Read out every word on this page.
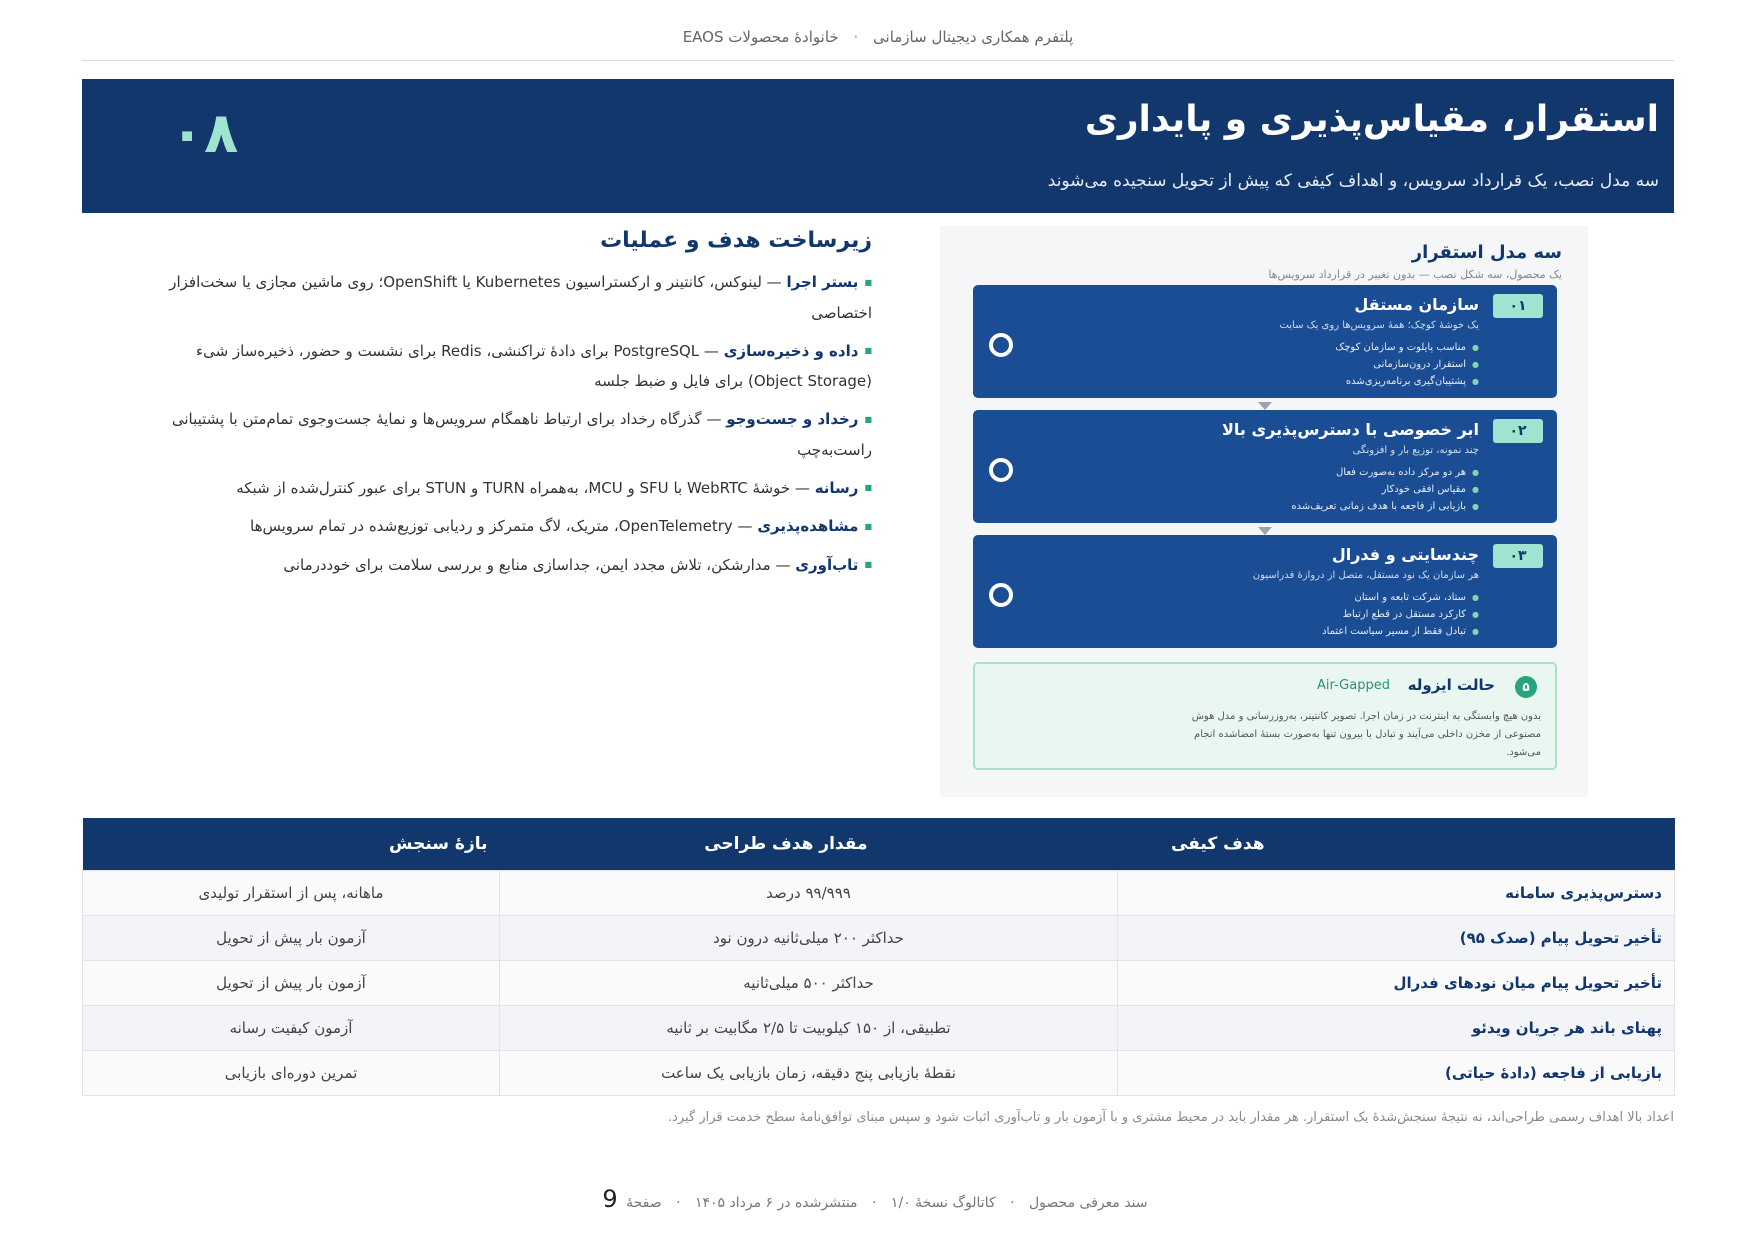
پلتفرم همکاری دیجیتال سازمانی · خانوادهٔ محصولات EAOS
استقرار، مقیاس‌پذیری و پایداری
سه مدل نصب، یک قرارداد سرویس، و اهداف کیفی که پیش از تحویل سنجیده می‌شوند
۰۸
سه مدل استقرار
یک محصول، سه شکل نصب — بدون تغییر در قرارداد سرویس‌ها
۰۱
سازمان مستقل
یک خوشهٔ کوچک؛ همهٔ سرویس‌ها روی یک سایت
● مناسب پایلوت و سازمان کوچک
● استقرار درون‌سازمانی
● پشتیبان‌گیری برنامه‌ریزی‌شده
۰۲
ابر خصوصی با دسترس‌پذیری بالا
چند نمونه، توزیع بار و افزونگی
● هر دو مرکز داده به‌صورت فعال
● مقیاس افقی خودکار
● بازیابی از فاجعه با هدف زمانی تعریف‌شده
۰۳
چندسایتی و فدرال
هر سازمان یک نود مستقل، متصل از دروازهٔ فدراسیون
● ستاد، شرکت تابعه و استان
● کارکرد مستقل در قطع ارتباط
● تبادل فقط از مسیر سیاست اعتماد
۵
حالت ایزوله
Air-Gapped
بدون هیچ وابستگی به اینترنت در زمان اجرا. تصویر کانتینر، به‌روزرسانی و مدل هوش مصنوعی از مخزن داخلی می‌آیند و تبادل با بیرون تنها به‌صورت بستهٔ امضاشده انجام می‌شود.
زیرساخت هدف و عملیات
■ بستر اجرا — لینوکس، کانتینر و ارکستراسیون Kubernetes یا OpenShift؛ روی ماشین مجازی یا سخت‌افزار اختصاصی
■ داده و ذخیره‌سازی — PostgreSQL برای دادهٔ تراکنشی، Redis برای نشست و حضور، ذخیره‌ساز شیء (Object Storage) برای فایل و ضبط جلسه
■ رخداد و جست‌وجو — گذرگاه رخداد برای ارتباط ناهمگام سرویس‌ها و نمایهٔ جست‌وجوی تمام‌متن با پشتیبانی راست‌به‌چپ
■ رسانه — خوشهٔ WebRTC با SFU و MCU، به‌همراه TURN و STUN برای عبور کنترل‌شده از شبکه
■ مشاهده‌پذیری — OpenTelemetry، متریک، لاگ متمرکز و ردیابی توزیع‌شده در تمام سرویس‌ها
■ تاب‌آوری — مدارشکن، تلاش مجدد ایمن، جداسازی منابع و بررسی سلامت برای خوددرمانی
هدف کیفی	مقدار هدف طراحی	بازهٔ سنجش
دسترس‌پذیری سامانه	۹۹/۹۹۹ درصد	ماهانه، پس از استقرار تولیدی
تأخیر تحویل پیام (صدک ۹۵)	حداکثر ۲۰۰ میلی‌ثانیه درون نود	آزمون بار پیش از تحویل
تأخیر تحویل پیام میان نودهای فدرال	حداکثر ۵۰۰ میلی‌ثانیه	آزمون بار پیش از تحویل
پهنای باند هر جریان ویدئو	تطبیقی، از ۱۵۰ کیلوبیت تا ۲/۵ مگابیت بر ثانیه	آزمون کیفیت رسانه
بازیابی از فاجعه (دادهٔ حیاتی)	نقطهٔ بازیابی پنج دقیقه، زمان بازیابی یک ساعت	تمرین دوره‌ای بازیابی
اعداد بالا اهداف رسمی طراحی‌اند، نه نتیجهٔ سنجش‌شدهٔ یک استقرار. هر مقدار باید در محیط مشتری و با آزمون بار و تاب‌آوری اثبات شود و سپس مبنای توافق‌نامهٔ سطح خدمت قرار گیرد.
سند معرفی محصول · کاتالوگ نسخهٔ ۱/۰ · منتشرشده در ۶ مرداد ۱۴۰۵ · صفحهٔ 9
